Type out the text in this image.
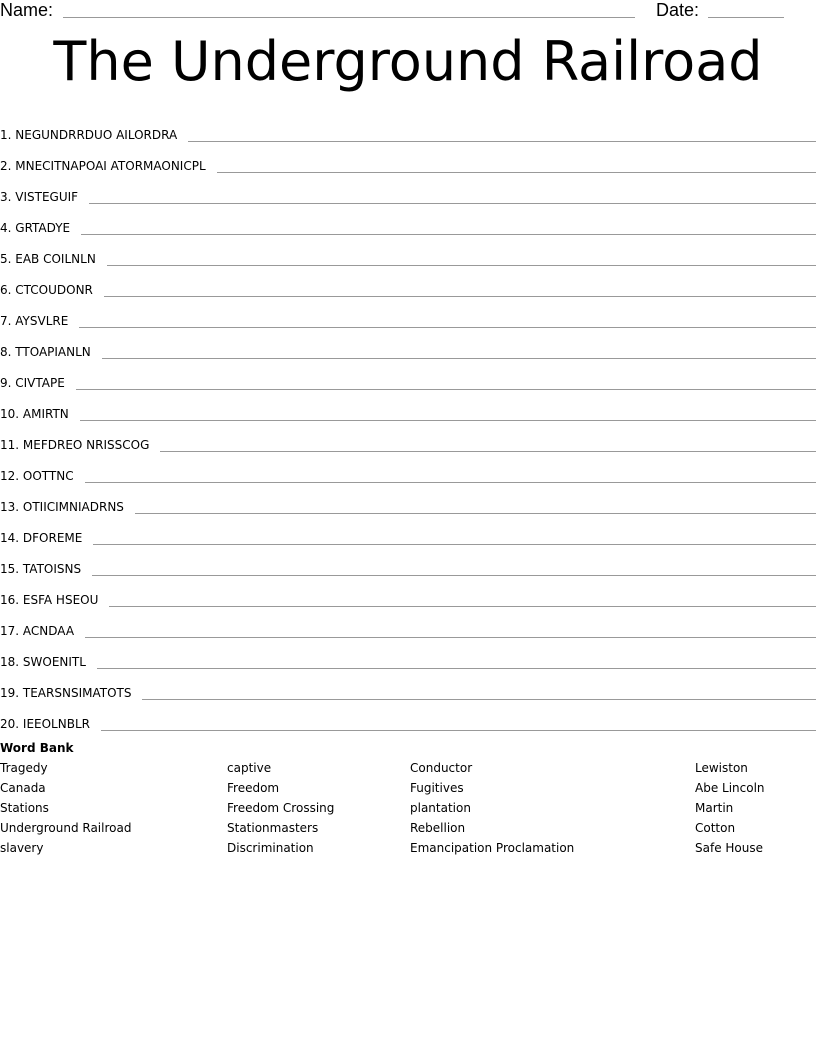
Name:	Date:
The Underground Railroad
1. NEGUNDRRDUO AILORDRA
2. MNECITNAPOAI ATORMAONICPL
3. VISTEGUIF
4. GRTADYE
5. EAB COILNLN
6. CTCOUDONR
7. AYSVLRE
8. TTOAPIANLN
9. CIVTAPE
10. AMIRTN
11. MEFDREO NRISSCOG
12. OOTTNC
13. OTIICIMNIADRNS
14. DFOREME
15. TATOISNS
16. ESFA HSEOU
17. ACNDAA
18. SWOENITL
19. TEARSNSIMATOTS
20. IEEOLNBLR
Word Bank
Tragedy
Canada
Stations
Underground Railroad
slavery
captive
Freedom
Freedom Crossing
Stationmasters
Discrimination
Conductor
Fugitives
plantation
Rebellion
Emancipation Proclamation
Lewiston
Abe Lincoln
Martin
Cotton
Safe House
